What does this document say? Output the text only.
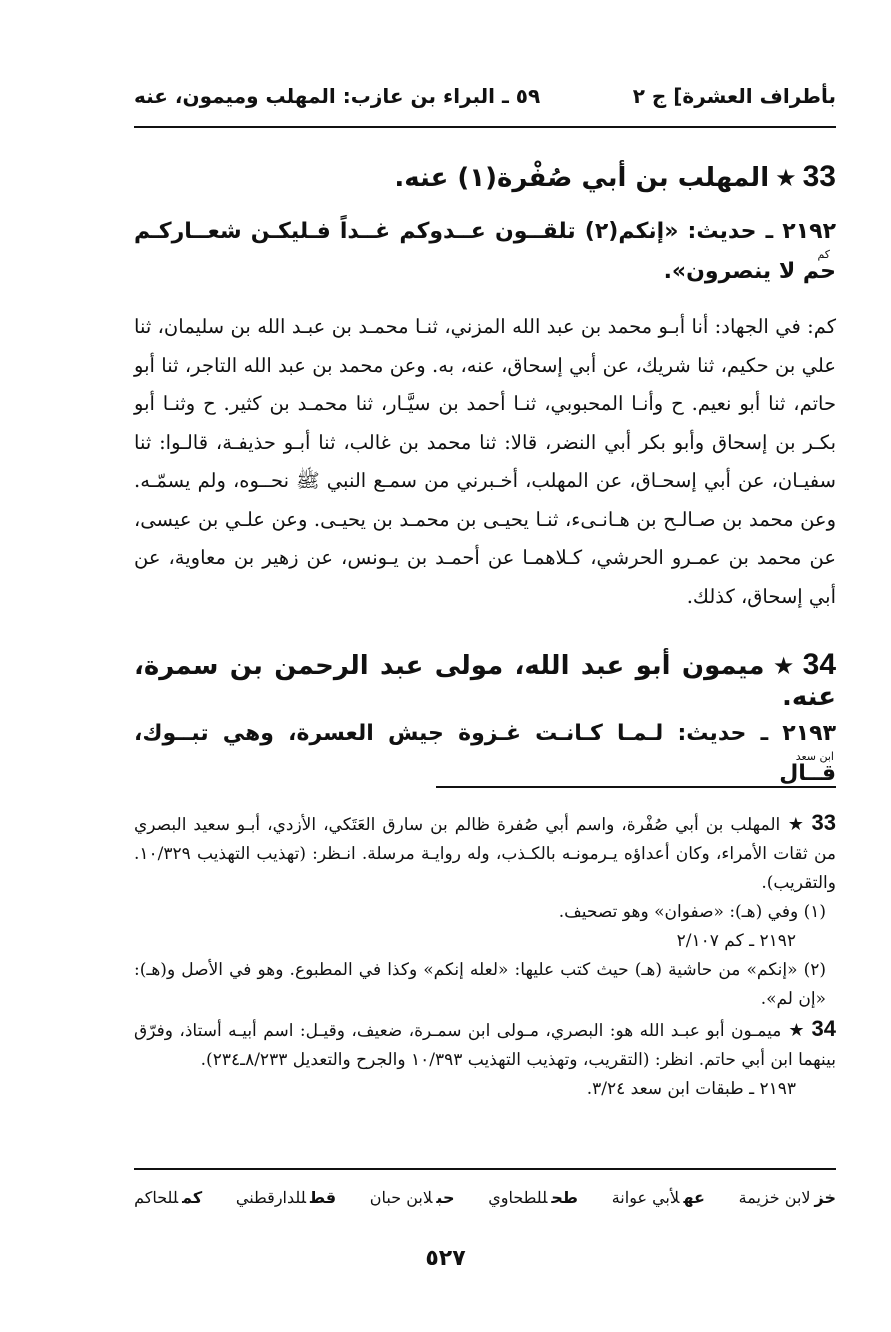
بأطراف العشرة] ج ٢
٥٩ ـ البراء بن عازب: المهلب وميمون، عنه

33★المهلب بن أبي صُفْرة(١) عنه.

٢١٩٢ ـ حديث: «إنكم(٢) تلقــون عــدوكم غــداً فـليكـن شعــاركـم حم لا ينصرون».
كم

كم: في الجهاد: أنا أبـو محمد بن عبد الله المزني، ثنـا محمـد بن عبـد الله بن سليمان، ثنا علي بن حكيم، ثنا شريك، عن أبي إسحاق، عنه، به. وعن محمد بن عبد الله التاجر، ثنا أبو حاتم، ثنا أبو نعيم. ح وأنـا المحبوبي، ثنـا أحمد بن سيَّـار، ثنا محمـد بن كثير. ح وثنـا أبو بكـر بن إسحاق وأبو بكر أبي النضر، قالا: ثنا محمد بن غالب، ثنا أبـو حذيفـة، قالـوا: ثنا سفيـان، عن أبي إسحـاق، عن المهلب، أخـبرني من سمـع النبي ﷺ نحــوه، ولم يسمّـه. وعن محمد بن صـالـح بن هـانـىء، ثنـا يحيـى بن محمـد بن يحيـى. وعن علـي بن عيسى، عن محمد بن عمـرو الحرشي، كـلاهمـا عن أحمـد بن يـونس، عن زهير بن معاوية، عن أبي إسحاق، كذلك.

34★ميمون أبو عبد الله، مولى عبد الرحمن بن سمرة، عنه.

٢١٩٣ ـ حديث: لـمـا كـانـت غـزوة جيش العسرة، وهي تبــوك، قــال
ابن سعد

33★المهلب بن أبي صُفْرة، واسم أبي صُفرة ظالم بن سارق العَتَكي، الأزدي، أبـو سعيد البصري من ثقات الأمراء، وكان أعداؤه يـرمونـه بالكـذب، وله روايـة مرسلة. انـظر: (تهذيب التهذيب ١٠/٣٢٩. والتقريب).

(١) وفي (هـ): «صفوان» وهو تصحيف.

٢١٩٢ ـ كم ٢/١٠٧

(٢) «إنكم» من حاشية (هـ) حيث كتب عليها: «لعله إنكم» وكذا في المطبوع. وهو في الأصل و(هـ): «إن لم».

34★ميمـون أبو عبـد الله هو: البصري، مـولى ابن سمـرة، ضعيف، وقيـل: اسم أبيـه أستاذ، وفرّق بينهما ابن أبي حاتم. انظر: (التقريب، وتهذيب التهذيب ١٠/٣٩٣ والجرح والتعديل ٨/٢٣٣ـ٢٣٤).

٢١٩٣ ـ طبقات ابن سعد ٣/٢٤.

خزلابن خزيمة
عهلأبي عوانة
طحللطحاوي
حبلابن حبان
قطللدارقطني
كمللحاكم
٥٢٧
